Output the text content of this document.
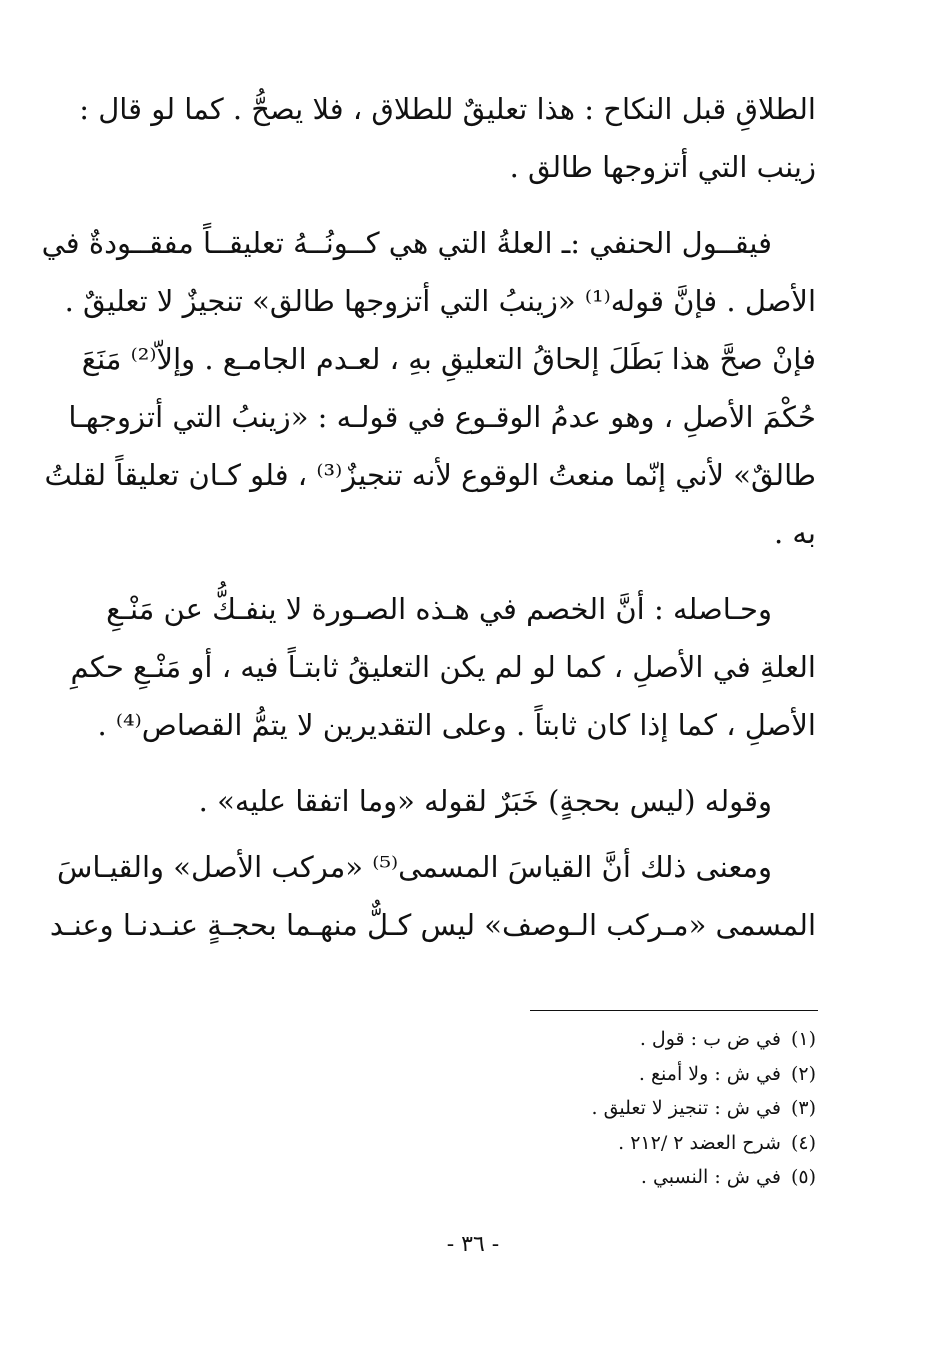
الطلاقِ قبل النكاح : هذا تعليقٌ للطلاق ، فلا يصحُّ . كما لو قال :
زينب التي أتزوجها طالق .
فيقــول الحنفي :ـ العلةُ التي هي كــونُــهُ تعليقــاً مفقــودةٌ في
الأصل . فإنَّ قوله⁽¹⁾ «زينبُ التي أتزوجها طالق» تنجيزٌ لا تعليقٌ .
فإنْ صحَّ هذا بَطَلَ إلحاقُ التعليقِ بهِ ، لعـدم الجامـع . وإلاّ⁽²⁾ مَنَعَ
حُكْمَ الأصلِ ، وهو عدمُ الوقـوع في قولـه : «زينبُ التي أتزوجهـا
طالقٌ» لأني إنّما منعتُ الوقوع لأنه تنجيزٌ⁽³⁾ ، فلو كـان تعليقاً لقلتُ
به .
وحـاصله : أنَّ الخصم في هـذه الصـورة لا ينفـكُّ عن مَنْـعِ
العلةِ في الأصلِ ، كما لو لم يكن التعليقُ ثابتـاً فيه ، أو مَنْـعِ حكمِ
الأصلِ ، كما إذا كان ثابتاً . وعلى التقديرين لا يتمُّ القصاص⁽⁴⁾ .
وقوله (ليس بحجةٍ) خَبَرٌ لقوله «وما اتفقا عليه» .
ومعنى ذلك أنَّ القياسَ المسمى⁽⁵⁾ «مركب الأصل» والقيـاسَ
المسمى «مـركب الـوصف» ليس كـلٌّ منهـما بحجـةٍ عنـدنـا وعنـد
(١)في ض ب : قول .
(٢)في ش : ولا أمنع .
(٣)في ش : تنجيز لا تعليق .
(٤)شرح العضد ٢ /٢١٢ .
(٥)في ش : النسبي .
- ٣٦ -
